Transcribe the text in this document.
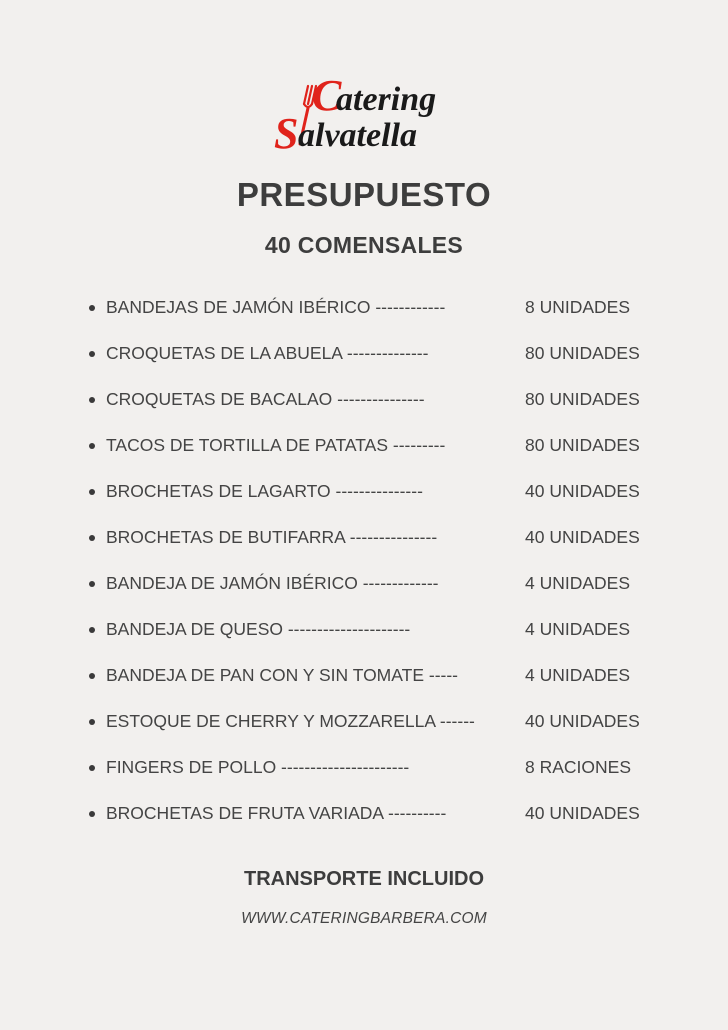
C
atering
S alvatella
PRESUPUESTO
40 COMENSALES
BANDEJAS DE JAMÓN IBÉRICO ------------	8 UNIDADES
CROQUETAS DE LA ABUELA --------------	80 UNIDADES
CROQUETAS DE BACALAO ---------------	80 UNIDADES
TACOS DE TORTILLA DE PATATAS ---------	80 UNIDADES
BROCHETAS DE LAGARTO ---------------	40 UNIDADES
BROCHETAS DE BUTIFARRA ---------------	40 UNIDADES
BANDEJA DE JAMÓN IBÉRICO -------------	4 UNIDADES
BANDEJA DE QUESO ---------------------	4 UNIDADES
BANDEJA DE PAN CON Y SIN TOMATE -----	4 UNIDADES
ESTOQUE DE CHERRY Y MOZZARELLA ------	40 UNIDADES
FINGERS DE POLLO ----------------------	8 RACIONES
BROCHETAS DE FRUTA VARIADA ----------	40 UNIDADES
TRANSPORTE INCLUIDO
WWW.CATERINGBARBERA.COM
